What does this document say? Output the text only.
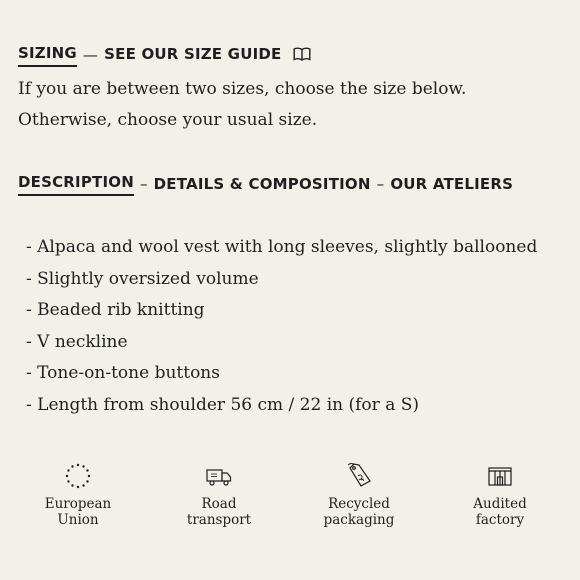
SIZING — SEE OUR SIZE GUIDE
If you are between two sizes, choose the size below.
Otherwise, choose your usual size.
DESCRIPTION – DETAILS & COMPOSITION – OUR ATELIERS
- Alpaca and wool vest with long sleeves, slightly ballooned
- Slightly oversized volume
- Beaded rib knitting
- V neckline
- Tone-on-tone buttons
- Length from shoulder 56 cm / 22 in (for a S)
European
Union
Road
transport
Recycled
packaging
Audited
factory
